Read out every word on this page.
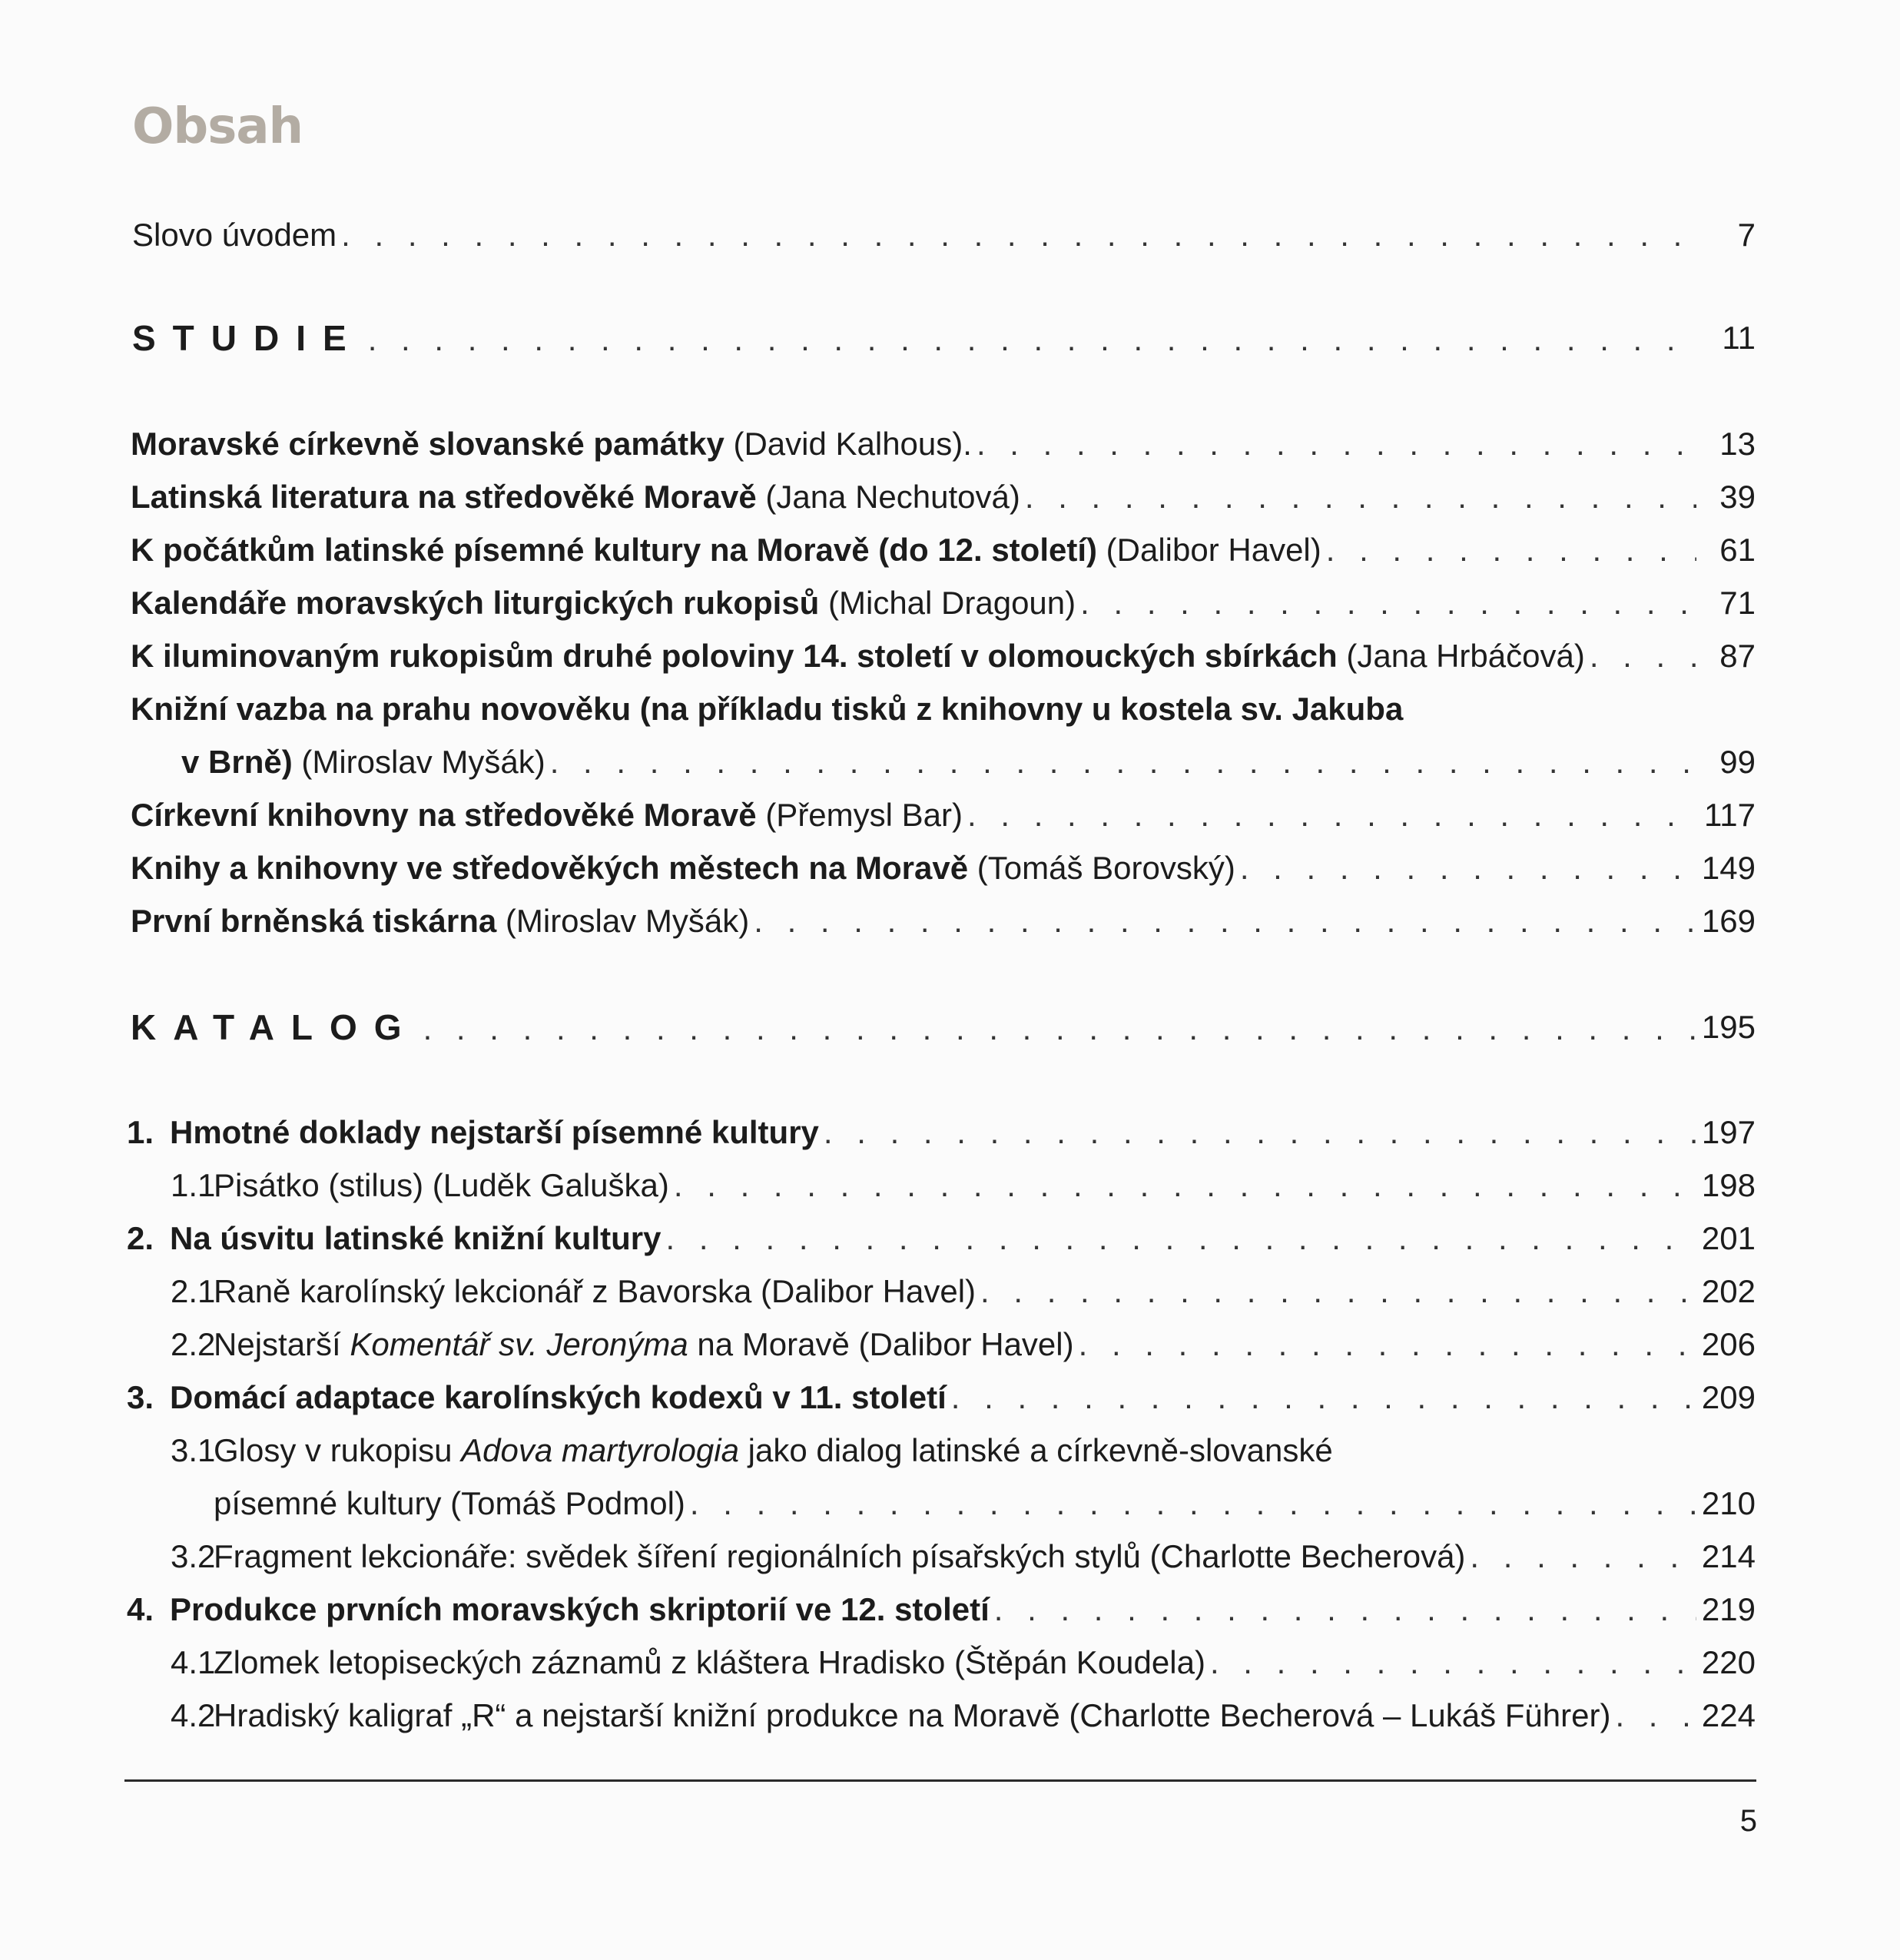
Obsah
Slovo úvodem . . .	7
STUDIE . . .	11
Moravské církevně slovanské památky (David Kalhous). . . .	13
Latinská literatura na středověké Moravě (Jana Nechutová) . . .	39
K počátkům latinské písemné kultury na Moravě (do 12. století) (Dalibor Havel) . . .	61
Kalendáře moravských liturgických rukopisů (Michal Dragoun) . . .	71
K iluminovaným rukopisům druhé poloviny 14. století v olomouckých sbírkách (Jana Hrbáčová) . . .	87
Knižní vazba na prahu novověku (na příkladu tisků z knihovny u kostela sv. Jakuba
v Brně) (Miroslav Myšák) . . .	99
Církevní knihovny na středověké Moravě (Přemysl Bar) . . .	117
Knihy a knihovny ve středověkých městech na Moravě (Tomáš Borovský) . . .	149
První brněnská tiskárna (Miroslav Myšák) . . .	169
KATALOG . . .	195
1. Hmotné doklady nejstarší písemné kultury . . .	197
1.1Pisátko (stilus) (Luděk Galuška) . . .	198
2. Na úsvitu latinské knižní kultury . . .	201
2.1Raně karolínský lekcionář z Bavorska (Dalibor Havel) . . .	202
2.2Nejstarší Komentář sv. Jeronýma na Moravě (Dalibor Havel) . . .	206
3. Domácí adaptace karolínských kodexů v 11. století . . .	209
3.1Glosy v rukopisu Adova martyrologia jako dialog latinské a církevně-slovanské
písemné kultury (Tomáš Podmol) . . .	210
3.2Fragment lekcionáře: svědek šíření regionálních písařských stylů (Charlotte Becherová) . . .	214
4. Produkce prvních moravských skriptorií ve 12. století . . .	219
4.1Zlomek letopiseckých záznamů z kláštera Hradisko (Štěpán Koudela) . . .	220
4.2Hradiský kaligraf „R“ a nejstarší knižní produkce na Moravě (Charlotte Becherová – Lukáš Führer) . . .	224
5
